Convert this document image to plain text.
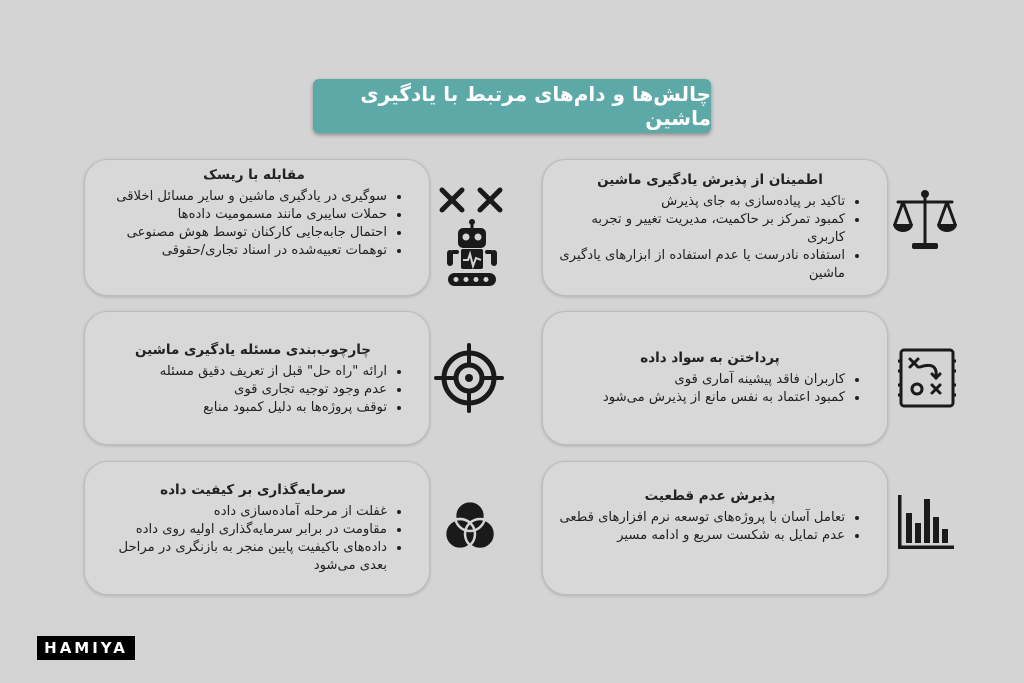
چالش‌ها و دام‌های مرتبط با یادگیری ماشین
مقابله با ریسک
• سوگیری در یادگیری ماشین و سایر مسائل اخلاقی
• حملات سایبری مانند مسمومیت داده‌ها
• احتمال جابه‌جایی کارکنان توسط هوش مصنوعی
• توهمات تعبیه‌شده در اسناد تجاری/حقوقی
اطمینان از پذیرش یادگیری ماشین
• تاکید بر پیاده‌سازی به جای پذیرش
• کمبود تمرکز بر حاکمیت، مدیریت تغییر و تجربه کاربری
• استفاده نادرست یا عدم استفاده از ابزارهای یادگیری ماشین
چارچوب‌بندی مسئله یادگیری ماشین
• ارائه "راه حل" قبل از تعریف دقیق مسئله
• عدم وجود توجیه تجاری قوی
• توقف پروژه‌ها به دلیل کمبود منابع
پرداختن به سواد داده
• کاربران فاقد پیشینه آماری قوی
• کمبود اعتماد به نفس مانع از پذیرش می‌شود
سرمایه‌گذاری بر کیفیت داده
• غفلت از مرحله آماده‌سازی داده
• مقاومت در برابر سرمایه‌گذاری اولیه روی داده
• داده‌های باکیفیت پایین منجر به بازنگری در مراحل بعدی می‌شود
پذیرش عدم قطعیت
• تعامل آسان با پروژه‌های توسعه نرم افزارهای قطعی
• عدم تمایل به شکست سریع و ادامه مسیر
HAMIYA
